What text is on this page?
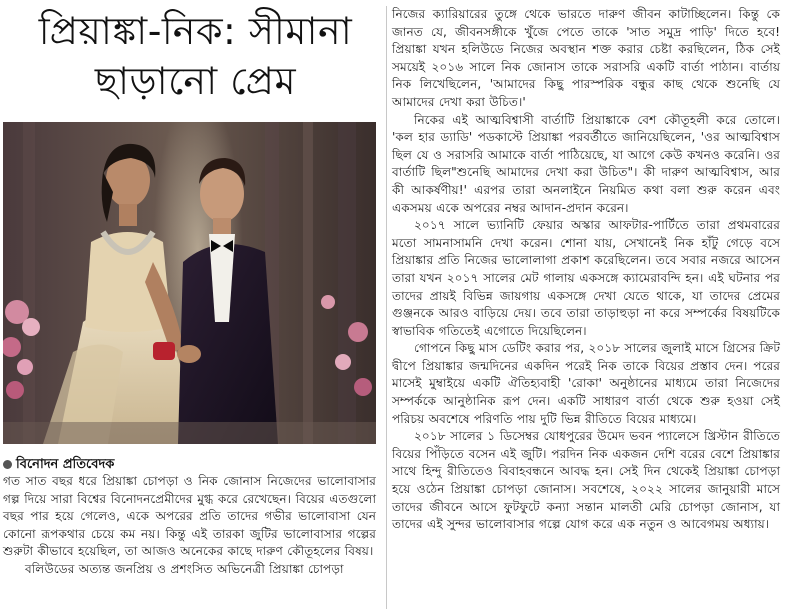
প্রিয়াঙ্কা-নিক: সীমানা
ছাড়ানো প্রেম
বিনোদন প্রতিবেদক

গত সাত বছর ধরে প্রিয়াঙ্কা চোপড়া ও নিক জোনাস নিজেদের ভালোবাসার গল্প দিয়ে সারা বিশ্বের বিনোদনপ্রেমীদের মুগ্ধ করে রেখেছেন। বিয়ের এতগুলো বছর পার হয়ে গেলেও, একে অপরের প্রতি তাদের গভীর ভালোবাসা যেন কোনো রূপকথার চেয়ে কম নয়। কিন্তু এই তারকা জুটির ভালোবাসার গল্পের শুরুটা কীভাবে হয়েছিল, তা আজও অনেকের কাছে দারুণ কৌতূহলের বিষয়।

বলিউডের অত্যন্ত জনপ্রিয় ও প্রশংসিত অভিনেত্রী প্রিয়াঙ্কা চোপড়া

নিজের ক্যারিয়ারের তুঙ্গে থেকে ভারতে দারুণ জীবন কাটাচ্ছিলেন। কিন্তু কে জানত যে, জীবনসঙ্গীকে খুঁজে পেতে তাকে 'সাত সমুদ্র পাড়ি' দিতে হবে! প্রিয়াঙ্কা যখন হলিউডে নিজের অবস্থান শক্ত করার চেষ্টা করছিলেন, ঠিক সেই সময়েই ২০১৬ সালে নিক জোনাস তাকে সরাসরি একটি বার্তা পাঠান। বার্তায় নিক লিখেছিলেন, 'আমাদের কিছু পারস্পরিক বন্ধুর কাছ থেকে শুনেছি যে আমাদের দেখা করা উচিত।'

নিকের এই আত্মবিশ্বাসী বার্তাটি প্রিয়াঙ্কাকে বেশ কৌতূহলী করে তোলে। 'কল হার ড্যাডি' পডকাস্টে প্রিয়াঙ্কা পরবর্তীতে জানিয়েছিলেন, 'ওর আত্মবিশ্বাস ছিল যে ও সরাসরি আমাকে বার্তা পাঠিয়েছে, যা আগে কেউ কখনও করেনি। ওর বার্তাটি ছিল"শুনেছি আমাদের দেখা করা উচিত"। কী দারুণ আত্মবিশ্বাস, আর কী আকর্ষণীয়!' এরপর তারা অনলাইনে নিয়মিত কথা বলা শুরু করেন এবং একসময় একে অপরের নম্বর আদান-প্রদান করেন।

২০১৭ সালে ভ্যানিটি ফেয়ার অস্কার আফটার-পার্টিতে তারা প্রথমবারের মতো সামনাসামনি দেখা করেন। শোনা যায়, সেখানেই নিক হাঁটু গেড়ে বসে প্রিয়াঙ্কার প্রতি নিজের ভালোলাগা প্রকাশ করেছিলেন। তবে সবার নজরে আসেন তারা যখন ২০১৭ সালের মেট গালায় একসঙ্গে ক্যামেরাবন্দি হন। এই ঘটনার পর তাদের প্রায়ই বিভিন্ন জায়গায় একসঙ্গে দেখা যেতে থাকে, যা তাদের প্রেমের গুঞ্জনকে আরও বাড়িয়ে দেয়। তবে তারা তাড়াহুড়া না করে সম্পর্কের বিষয়টিকে স্বাভাবিক গতিতেই এগোতে দিয়েছিলেন।

গোপনে কিছু মাস ডেটিং করার পর, ২০১৮ সালের জুলাই মাসে গ্রিসের ক্রিট দ্বীপে প্রিয়াঙ্কার জন্মদিনের একদিন পরেই নিক তাকে বিয়ের প্রস্তাব দেন। পরের মাসেই মুম্বাইয়ে একটি ঐতিহ্যবাহী 'রোকা' অনুষ্ঠানের মাধ্যমে তারা নিজেদের সম্পর্ককে আনুষ্ঠানিক রূপ দেন। একটি সাধারণ বার্তা থেকে শুরু হওয়া সেই পরিচয় অবশেষে পরিণতি পায় দুটি ভিন্ন রীতিতে বিয়ের মাধ্যমে।

২০১৮ সালের ১ ডিসেম্বর যোধপুরের উমেদ ভবন প্যালেসে খ্রিস্টান রীতিতে বিয়ের পিঁড়িতে বসেন এই জুটি। পরদিন নিক একজন দেশি বরের বেশে প্রিয়াঙ্কার সাথে হিন্দু রীতিতেও বিবাহবন্ধনে আবদ্ধ হন। সেই দিন থেকেই প্রিয়াঙ্কা চোপড়া হয়ে ওঠেন প্রিয়াঙ্কা চোপড়া জোনাস। সবশেষে, ২০২২ সালের জানুয়ারী মাসে তাদের জীবনে আসে ফুটফুটে কন্যা সন্তান মালতী মেরি চোপড়া জোনাস, যা তাদের এই সুন্দর ভালোবাসার গল্পে যোগ করে এক নতুন ও আবেগময় অধ্যায়।
